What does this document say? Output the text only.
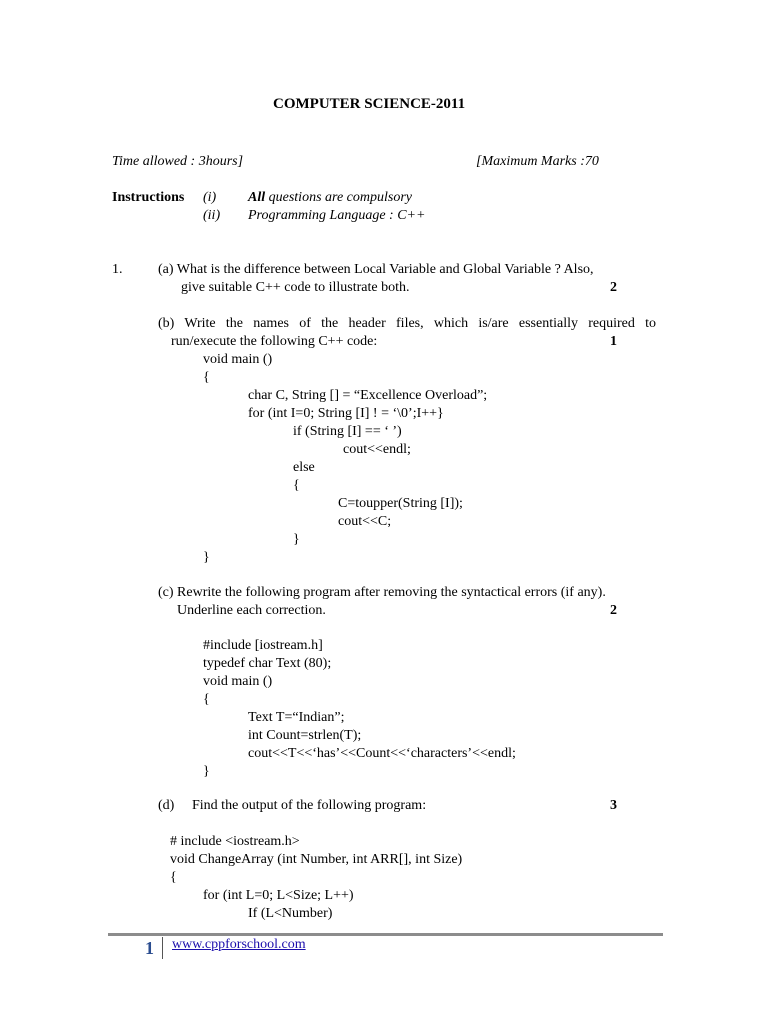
COMPUTER SCIENCE-2011
Time allowed : 3hours]	[Maximum Marks :70
Instructions (i) All questions are compulsory
(ii) Programming Language : C++
1.	(a) What is the difference between Local Variable and Global Variable ? Also,
give suitable C++ code to illustrate both.	2
(b) Write the names of the header files, which is/are essentially required to
run/execute the following C++ code:	1
void main ()
{
char C, String [] = “Excellence Overload”;
for (int I=0; String [I] ! = ‘\0’;I++}
if (String [I] == ‘ ’)
cout<<endl;
else
{
C=toupper(String [I]);
cout<<C;
}
}
(c) Rewrite the following program after removing the syntactical errors (if any).
Underline each correction.	2
#include [iostream.h]
typedef char Text (80);
void main ()
{
Text T=“Indian”;
int Count=strlen(T);
cout<<T<<‘has’<<Count<<‘characters’<<endl;
}
(d) Find the output of the following program:	3
# include <iostream.h>
void ChangeArray (int Number, int ARR[], int Size)
{
for (int L=0; L<Size; L++)
If (L<Number)
1 www.cppforschool.com
